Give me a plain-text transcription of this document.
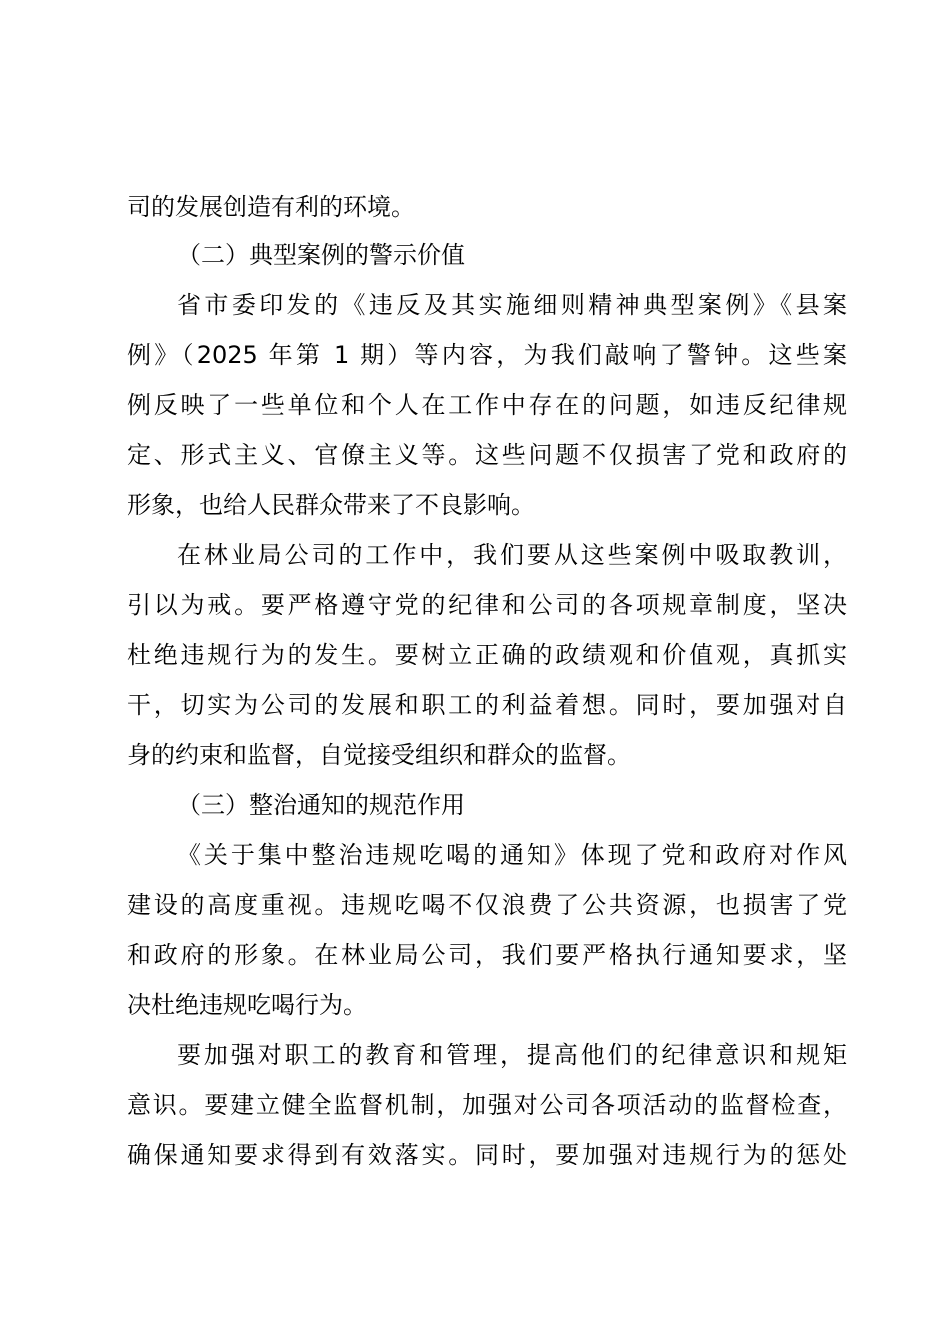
司的发展创造有利的环境。
（二）典型案例的警示价值
省市委印发的《违反及其实施细则精神典型案例》《县案
例》（2025 年第 1 期）等内容，为我们敲响了警钟。这些案
例反映了一些单位和个人在工作中存在的问题，如违反纪律规
定、形式主义、官僚主义等。这些问题不仅损害了党和政府的
形象，也给人民群众带来了不良影响。
在林业局公司的工作中，我们要从这些案例中吸取教训，
引以为戒。要严格遵守党的纪律和公司的各项规章制度，坚决
杜绝违规行为的发生。要树立正确的政绩观和价值观，真抓实
干，切实为公司的发展和职工的利益着想。同时，要加强对自
身的约束和监督，自觉接受组织和群众的监督。
（三）整治通知的规范作用
《关于集中整治违规吃喝的通知》体现了党和政府对作风
建设的高度重视。违规吃喝不仅浪费了公共资源，也损害了党
和政府的形象。在林业局公司，我们要严格执行通知要求，坚
决杜绝违规吃喝行为。
要加强对职工的教育和管理，提高他们的纪律意识和规矩
意识。要建立健全监督机制，加强对公司各项活动的监督检查，
确保通知要求得到有效落实。同时，要加强对违规行为的惩处
